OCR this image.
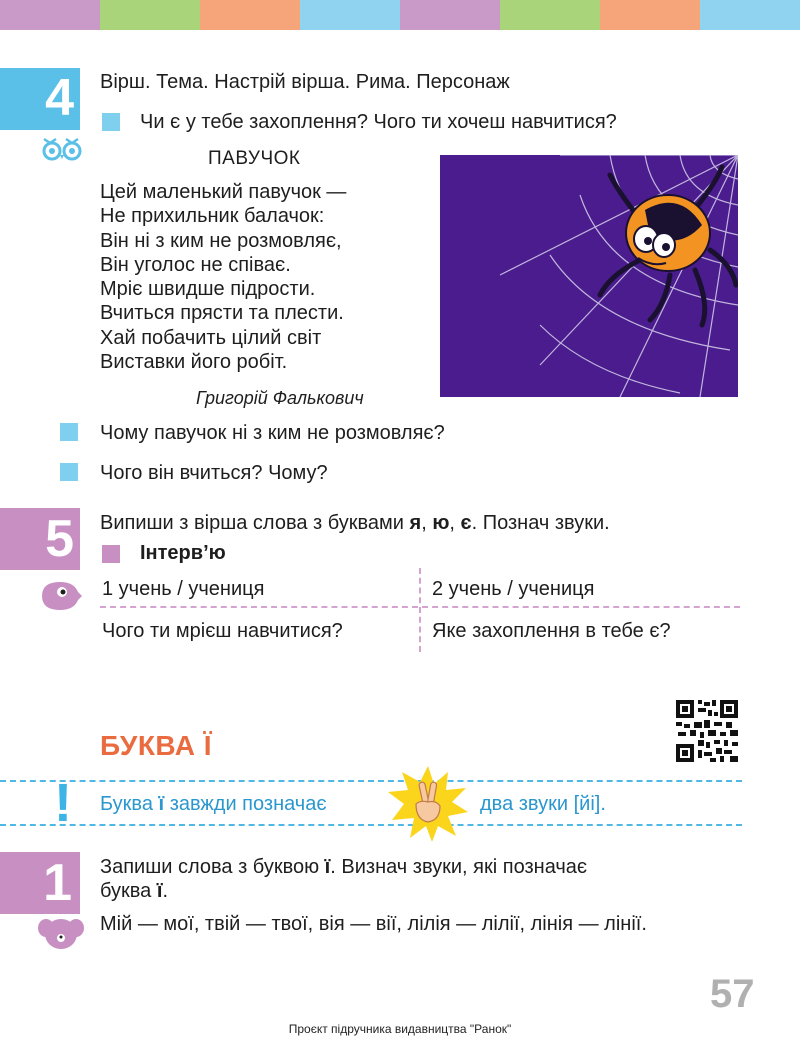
4	Вірш. Тема. Настрій вірша. Рима. Персонаж
Чи є у тебе захоплення? Чого ти хочеш навчитися?
ПАВУЧОК
Цей маленький павучок —
Не прихильник балачок:
Він ні з ким не розмовляє,
Він уголос не співає.
Мріє швидше підрости.
Вчиться прясти та плести.
Хай побачить цілий світ
Виставки його робіт.
Григорій Фалькович
Чому павучок ні з ким не розмовляє?
Чого він вчиться? Чому?
5	Випиши з вірша слова з буквами я, ю, є. Познач звуки.
Інтерв’ю
1 учень / учениця	2 учень / учениця
Чого ти мрієш навчитися?	Яке захоплення в тебе є?
БУКВА Ї
! Буква ї завжди позначає	два звуки [йі].
1	Запиши слова з буквою ї. Визнач звуки, які позначає
буква ї.
Мій — мої, твій — твої, вія — вії, лілія — лілії, лінія — лінії.
57
Проєкт підручника видавництва "Ранок"
